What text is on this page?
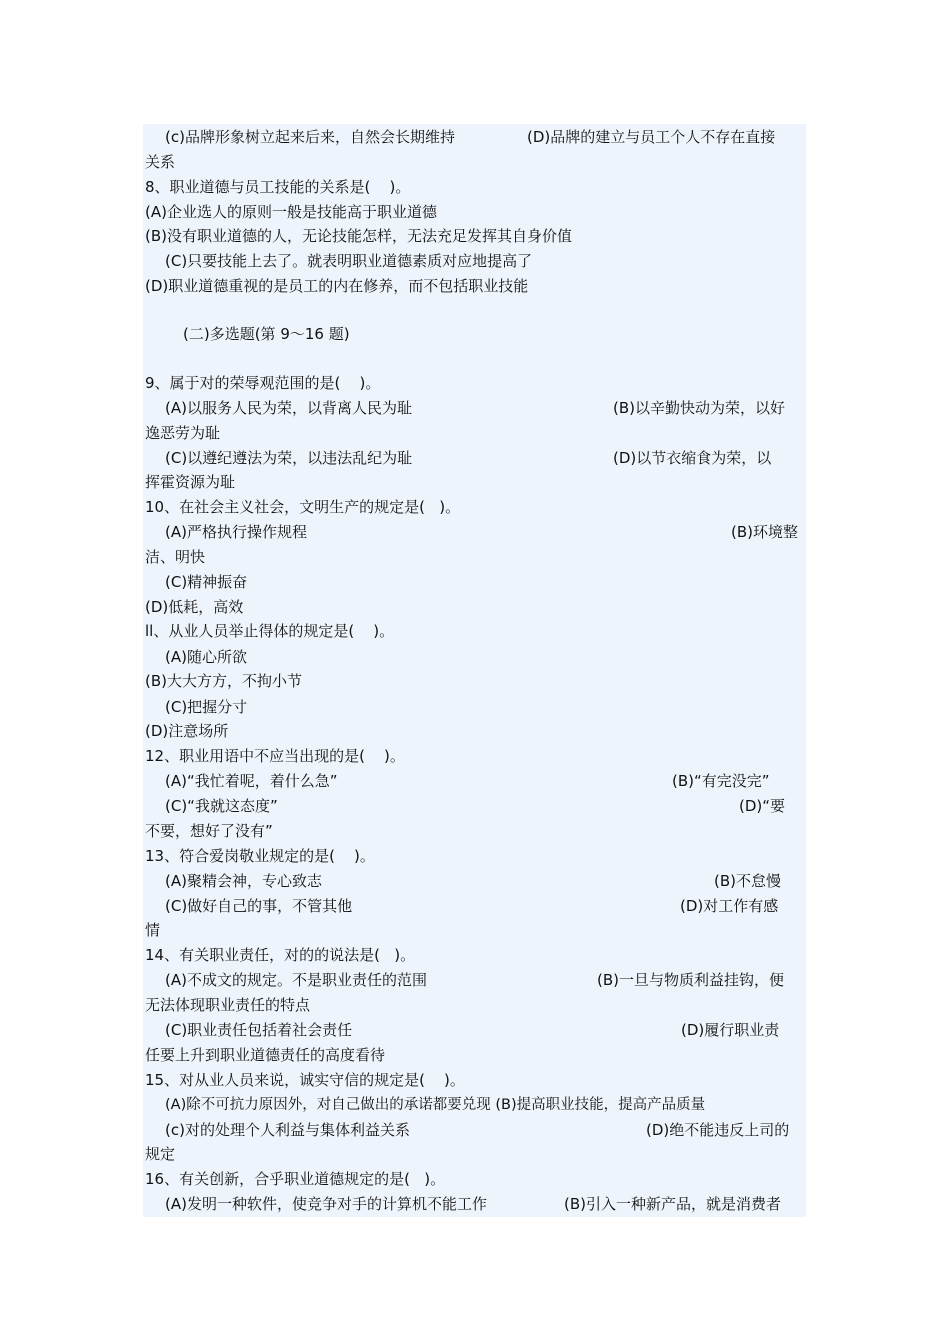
(c)品牌形象树立起来后来，自然会长期维持	(D)品牌的建立与员工个人不存在直接
关系
8、职业道德与员工技能的关系是(    )。
(A)企业选人的原则一般是技能高于职业道德
(B)没有职业道德的人，无论技能怎样，无法充足发挥其自身价值
(C)只要技能上去了。就表明职业道德素质对应地提高了
(D)职业道德重视的是员工的内在修养，而不包括职业技能
(二)多选题(第 9～16 题)
9、属于对的荣辱观范围的是(    )。
(A)以服务人民为荣，以背离人民为耻	(B)以辛勤快动为荣，以好
逸恶劳为耻
(C)以遵纪遵法为荣，以违法乱纪为耻	(D)以节衣缩食为荣，以
挥霍资源为耻
10、在社会主义社会，文明生产的规定是(   )。
(A)严格执行操作规程	(B)环境整
洁、明快
(C)精神振奋
(D)低耗，高效
ll、从业人员举止得体的规定是(    )。
(A)随心所欲
(B)大大方方，不拘小节
(C)把握分寸
(D)注意场所
12、职业用语中不应当出现的是(    )。
(A)“我忙着呢，着什么急”	(B)“有完没完”
(C)“我就这态度”	(D)“要
不要，想好了没有”
13、符合爱岗敬业规定的是(    )。
(A)聚精会神，专心致志	(B)不怠慢
(C)做好自己的事，不管其他	(D)对工作有感
情
14、有关职业责任，对的的说法是(   )。
(A)不成文的规定。不是职业责任的范围	(B)一旦与物质利益挂钩，便
无法体现职业责任的特点
(C)职业责任包括着社会责任	(D)履行职业责
任要上升到职业道德责任的高度看待
15、对从业人员来说，诚实守信的规定是(    )。
(A)除不可抗力原因外，对自己做出的承诺都要兑现 (B)提高职业技能，提高产品质量
(c)对的处理个人利益与集体利益关系	(D)绝不能违反上司的
规定
16、有关创新，合乎职业道德规定的是(   )。
(A)发明一种软件，使竞争对手的计算机不能工作	(B)引入一种新产品，就是消费者
